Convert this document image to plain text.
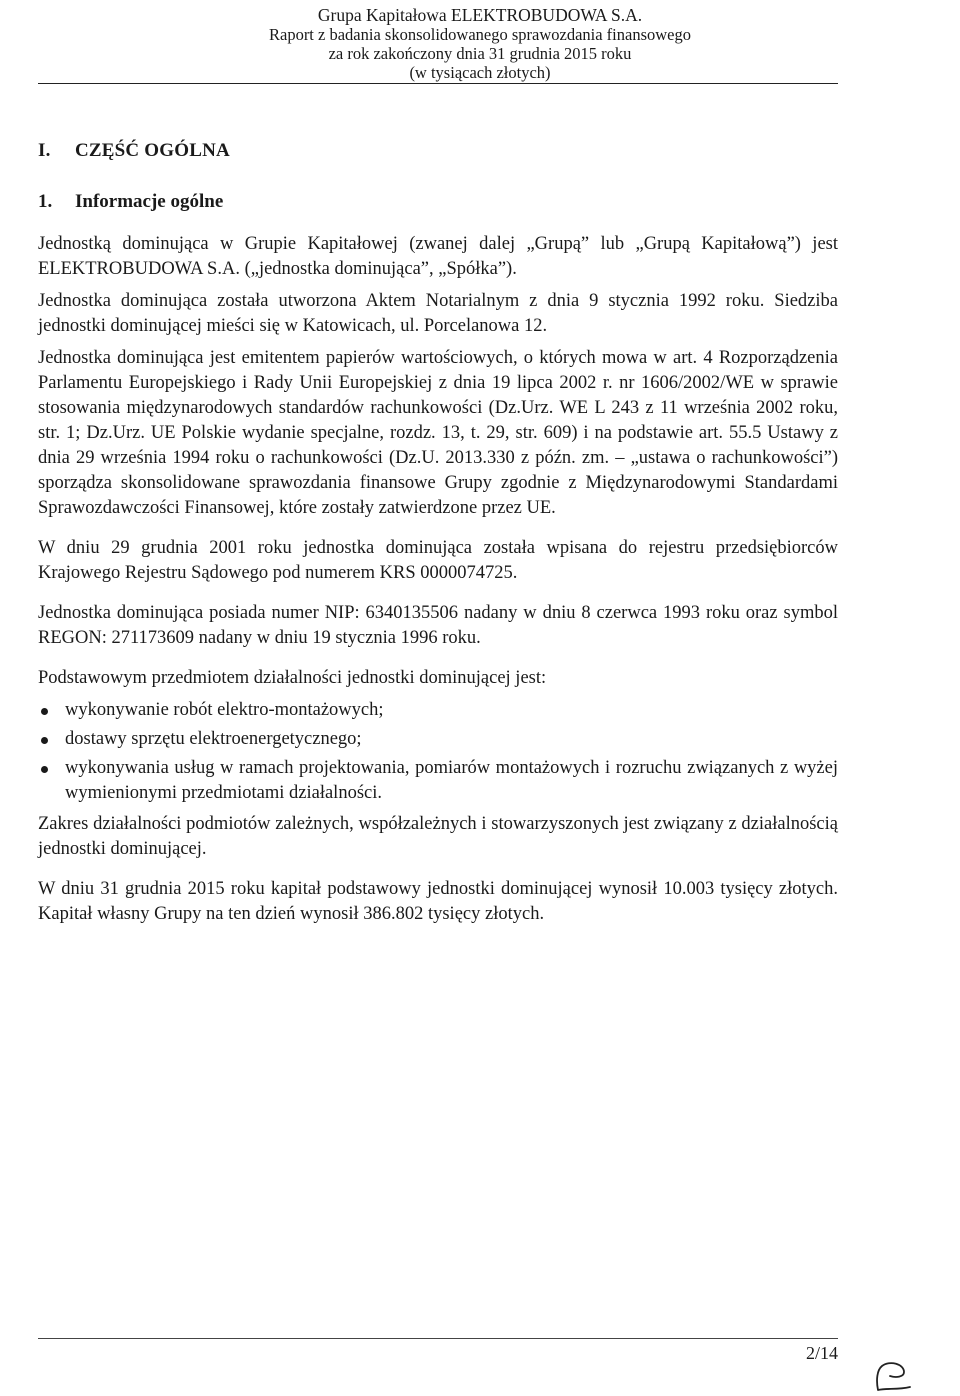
Grupa Kapitałowa ELEKTROBUDOWA S.A.
Raport z badania skonsolidowanego sprawozdania finansowego
za rok zakończony dnia 31 grudnia 2015 roku
(w tysiącach złotych)
I. CZĘŚĆ OGÓLNA
1. Informacje ogólne

Jednostką dominująca w Grupie Kapitałowej (zwanej dalej „Grupą” lub „Grupą Kapitałową”) jest ELEKTROBUDOWA S.A. („jednostka dominująca”, „Spółka”).

Jednostka dominująca została utworzona Aktem Notarialnym z dnia 9 stycznia 1992 roku. Siedziba jednostki dominującej mieści się w Katowicach, ul. Porcelanowa 12.

Jednostka dominująca jest emitentem papierów wartościowych, o których mowa w art. 4 Rozporządzenia Parlamentu Europejskiego i Rady Unii Europejskiej z dnia 19 lipca 2002 r. nr 1606/2002/WE w sprawie stosowania międzynarodowych standardów rachunkowości (Dz.Urz. WE L 243 z 11 września 2002 roku, str. 1; Dz.Urz. UE Polskie wydanie specjalne, rozdz. 13, t. 29, str. 609) i na podstawie art. 55.5 Ustawy z dnia 29 września 1994 roku o rachunkowości (Dz.U. 2013.330 z późn. zm. – „ustawa o rachunkowości”) sporządza skonsolidowane sprawozdania finansowe Grupy zgodnie z Międzynarodowymi Standardami Sprawozdawczości Finansowej, które zostały zatwierdzone przez UE.

W dniu 29 grudnia 2001 roku jednostka dominująca została wpisana do rejestru przedsiębiorców Krajowego Rejestru Sądowego pod numerem KRS 0000074725.

Jednostka dominująca posiada numer NIP: 6340135506 nadany w dniu 8 czerwca 1993 roku oraz symbol REGON: 271173609 nadany w dniu 19 stycznia 1996 roku.

Podstawowym przedmiotem działalności jednostki dominującej jest:

wykonywanie robót elektro-montażowych;
dostawy sprzętu elektroenergetycznego;
wykonywania usług w ramach projektowania, pomiarów montażowych i rozruchu związanych z wyżej wymienionymi przedmiotami działalności.

Zakres działalności podmiotów zależnych, współzależnych i stowarzyszonych jest związany z działalnością jednostki dominującej.

W dniu 31 grudnia 2015 roku kapitał podstawowy jednostki dominującej wynosił 10.003 tysięcy złotych. Kapitał własny Grupy na ten dzień wynosił 386.802 tysięcy złotych.

2/14
